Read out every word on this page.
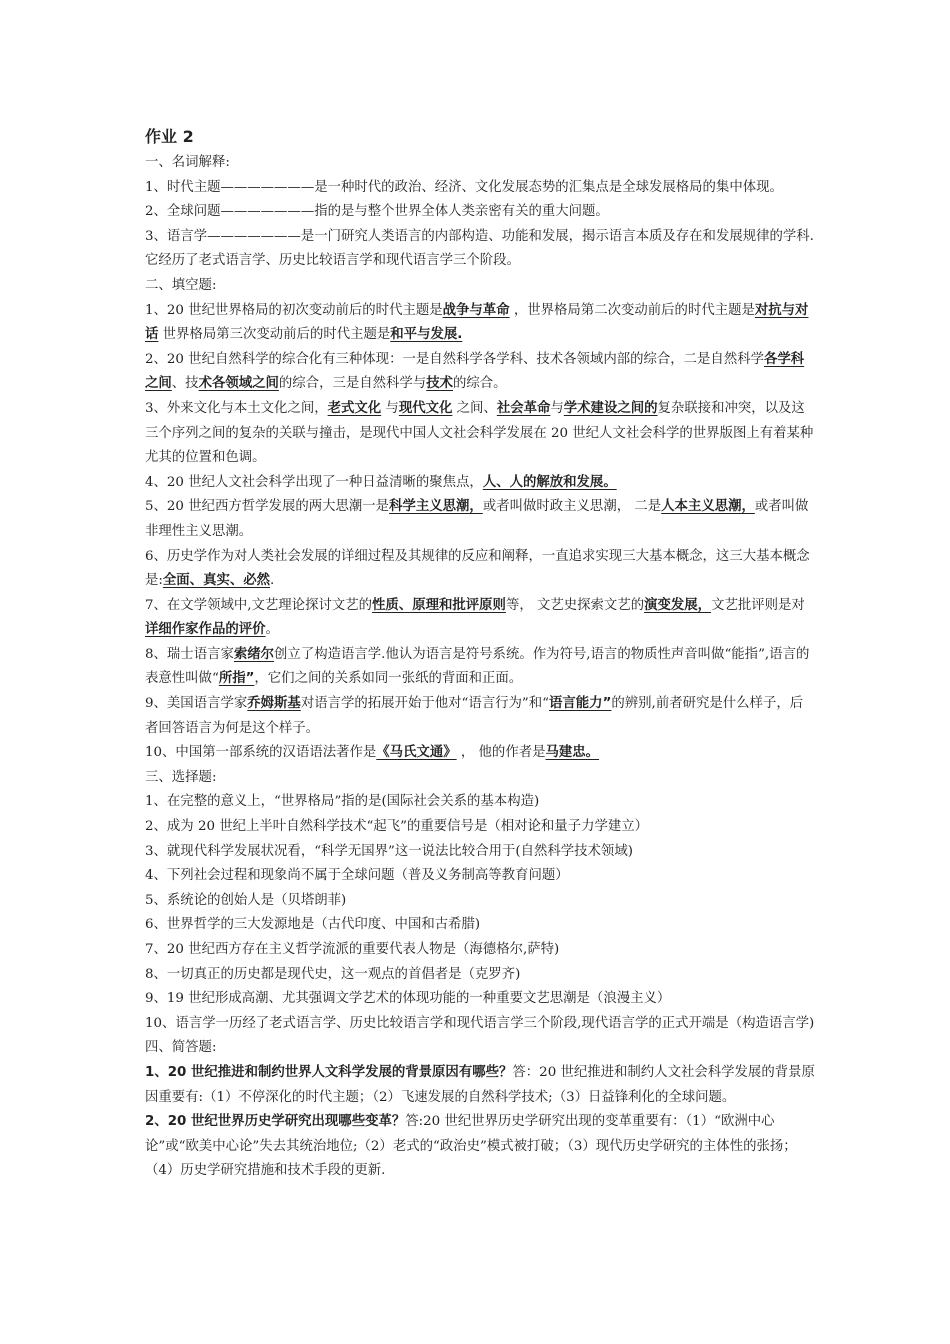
作业 2

一、名词解释:

1、时代主题———————是一种时代的政治、经济、文化发展态势的汇集点是全球发展格局的集中体现。

2、全球问题———————指的是与整个世界全体人类亲密有关的重大问题。

3、语言学———————是一门研究人类语言的内部构造、功能和发展，揭示语言本质及存在和发展规律的学科.它经历了老式语言学、历史比较语言学和现代语言学三个阶段。

二、填空题:

1、20 世纪世界格局的初次变动前后的时代主题是战争与革命 ，世界格局第二次变动前后的时代主题是对抗与对话 世界格局第三次变动前后的时代主题是和平与发展.

2、20 世纪自然科学的综合化有三种体现：一是自然科学各学科、技术各领域内部的综合，二是自然科学各学科之间、技术各领域之间的综合，三是自然科学与技术的综合。

3、外来文化与本土文化之间，老式文化 与现代文化 之间、社会革命与学术建设之间的复杂联接和冲突，以及这三个序列之间的复杂的关联与撞击，是现代中国人文社会科学发展在 20 世纪人文社会科学的世界版图上有着某种尤其的位置和色调。

4、20 世纪人文社会科学出现了一种日益清晰的聚焦点，人、人的解放和发展。

5、20 世纪西方哲学发展的两大思潮一是科学主义思潮，或者叫做时政主义思潮， 二是人本主义思潮，或者叫做非理性主义思潮。

6、历史学作为对人类社会发展的详细过程及其规律的反应和阐释，一直追求实现三大基本概念，这三大基本概念是:全面、真实、必然.

7、在文学领域中,文艺理论探讨文艺的性质、原理和批评原则等， 文艺史探索文艺的演变发展，文艺批评则是对详细作家作品的评价。

8、瑞士语言家索绪尔创立了构造语言学.他认为语言是符号系统。作为符号,语言的物质性声音叫做“能指”,语言的表意性叫做“所指”，它们之间的关系如同一张纸的背面和正面。

9、美国语言学家乔姆斯基对语言学的拓展开始于他对“语言行为”和“语言能力”的辨别,前者研究是什么样子，后者回答语言为何是这个样子。

10、中国第一部系统的汉语语法著作是《马氏文通》 ， 他的作者是马建忠。

三、选择题:

1、在完整的意义上，“世界格局”指的是(国际社会关系的基本构造)

2、成为 20 世纪上半叶自然科学技术“起飞”的重要信号是（相对论和量子力学建立）

3、就现代科学发展状况看，“科学无国界”这一说法比较合用于(自然科学技术领域)

4、下列社会过程和现象尚不属于全球问题（普及义务制高等教育问题）

5、系统论的创始人是（贝塔朗菲)

6、世界哲学的三大发源地是（古代印度、中国和古希腊)

7、20 世纪西方存在主义哲学流派的重要代表人物是（海德格尔,萨特)

8、一切真正的历史都是现代史，这一观点的首倡者是（克罗齐)

9、19 世纪形成高潮、尤其强调文学艺术的体现功能的一种重要文艺思潮是（浪漫主义）

10、语言学一历经了老式语言学、历史比较语言学和现代语言学三个阶段,现代语言学的正式开端是（构造语言学)

四、简答题:

1、20 世纪推进和制约世界人文科学发展的背景原因有哪些？答：20 世纪推进和制约人文社会科学发展的背景原因重要有:（1）不停深化的时代主题；（2）飞速发展的自然科学技术;（3）日益锋利化的全球问题。

2、20 世纪世界历史学研究出现哪些变革？答:20 世纪世界历史学研究出现的变革重要有：（1）“欧洲中心论”或“欧美中心论”失去其统治地位;（2）老式的“政治史”模式被打破；（3）现代历史学研究的主体性的张扬；（4）历史学研究措施和技术手段的更新.
